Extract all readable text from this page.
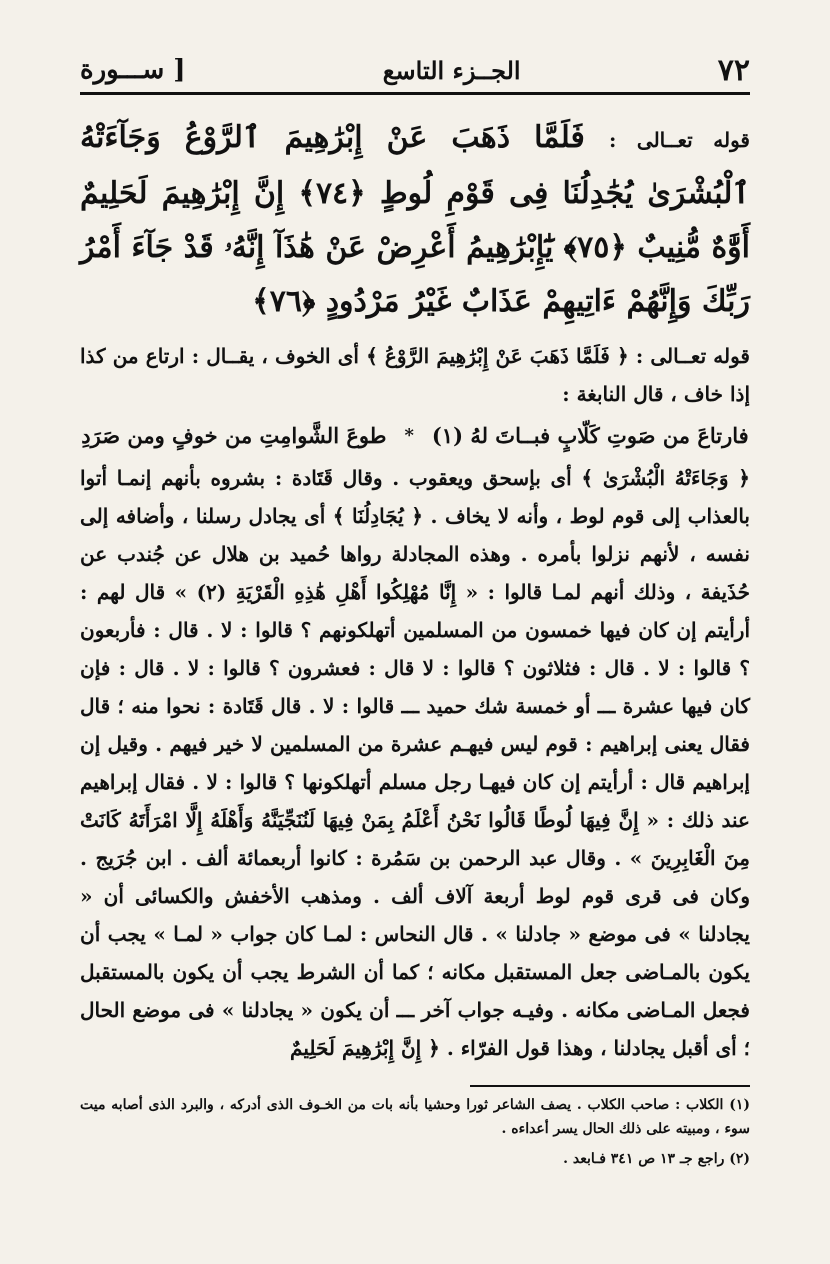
٧٢
الجــزء التاسع
[ ســـورة
قوله تعــالى : فَلَمَّا ذَهَبَ عَنْ إِبْرَٰهِيمَ ٱلرَّوْعُ وَجَآءَتْهُ ٱلْبُشْرَىٰ يُجَٰدِلُنَا فِى قَوْمِ لُوطٍ ﴿٧٤﴾ إِنَّ إِبْرَٰهِيمَ لَحَلِيمٌ أَوَّٰهٌ مُّنِيبٌ ﴿٧٥﴾ يَٰٓإِبْرَٰهِيمُ أَعْرِضْ عَنْ هَٰذَآ إِنَّهُۥ قَدْ جَآءَ أَمْرُ رَبِّكَ وَإِنَّهُمْ ءَاتِيهِمْ عَذَابٌ غَيْرُ مَرْدُودٍ ﴿٧٦﴾

قوله تعــالى : ﴿ فَلَمَّا ذَهَبَ عَنْ إِبْرَٰهِيمَ الرَّوْعُ ﴾ أى الخوف ، يقــال : ارتاع من كذا إذا خاف ، قال النابغة :

فارتاعَ من صَوتِ كَلّابٍ فبــاتَ لهُ (١)
*
طوعَ الشَّوامِتِ من خوفٍ ومن صَرَدِ

﴿ وَجَاءَتْهُ الْبُشْرَىٰ ﴾ أى بإسحق ويعقوب . وقال قَتَادة : بشروه بأنهم إنمـا أتوا بالعذاب إلى قوم لوط ، وأنه لا يخاف . ﴿ يُجَادِلُنَا ﴾ أى يجادل رسلنا ، وأضافه إلى نفسه ، لأنهم نزلوا بأمره . وهذه المجادلة رواها حُميد بن هلال عن جُندب عن حُذَيفة ، وذلك أنهم لمـا قالوا : « إِنَّا مُهْلِكُوا أَهْلِ هَٰذِهِ الْقَرْيَةِ (٢) » قال لهم : أرأيتم إن كان فيها خمسون من المسلمين أتهلكونهم ؟ قالوا : لا . قال : فأربعون ؟ قالوا : لا . قال : فثلاثون ؟ قالوا : لا قال : فعشرون ؟ قالوا : لا . قال : فإن كان فيها عشرة ـــ أو خمسة شك حميد ـــ قالوا : لا . قال قَتَادة : نحوا منه ؛ قال فقال يعنى إبراهيم : قوم ليس فيهـم عشرة من المسلمين لا خير فيهم . وقيل إن إبراهيم قال : أرأيتم إن كان فيهـا رجل مسلم أتهلكونها ؟ قالوا : لا . فقال إبراهيم عند ذلك : « إِنَّ فِيهَا لُوطًا قَالُوا نَحْنُ أَعْلَمُ بِمَنْ فِيهَا لَنُنَجِّيَنَّهُ وَأَهْلَهُ إِلَّا امْرَأَتَهُ كَانَتْ مِنَ الْغَابِرِينَ » . وقال عبد الرحمن بن سَمُرة : كانوا أربعمائة ألف . ابن جُرَيج . وكان فى قرى قوم لوط أربعة آلاف ألف . ومذهب الأخفش والكسائى أن « يجادلنا » فى موضع « جادلنا » . قال النحاس : لمـا كان جواب « لمـا » يجب أن يكون بالمـاضى جعل المستقبل مكانه ؛ كما أن الشرط يجب أن يكون بالمستقبل فجعل المـاضى مكانه . وفيـه جواب آخر ـــ أن يكون « يجادلنا » فى موضع الحال ؛ أى أقبل يجادلنا ، وهذا قول الفرّاء . ﴿ إِنَّ إِبْرَٰهِيمَ لَحَلِيمٌ

(١) الكلاب : صاحب الكلاب . يصف الشاعر ثورا وحشيا بأنه بات من الخـوف الذى أدركه ، والبرد الذى أصابه ميت سوء ، ومبيته على ذلك الحال يسر أعداءه .

(٢) راجع جـ ١٣ ص ٣٤١ فـابعد .
